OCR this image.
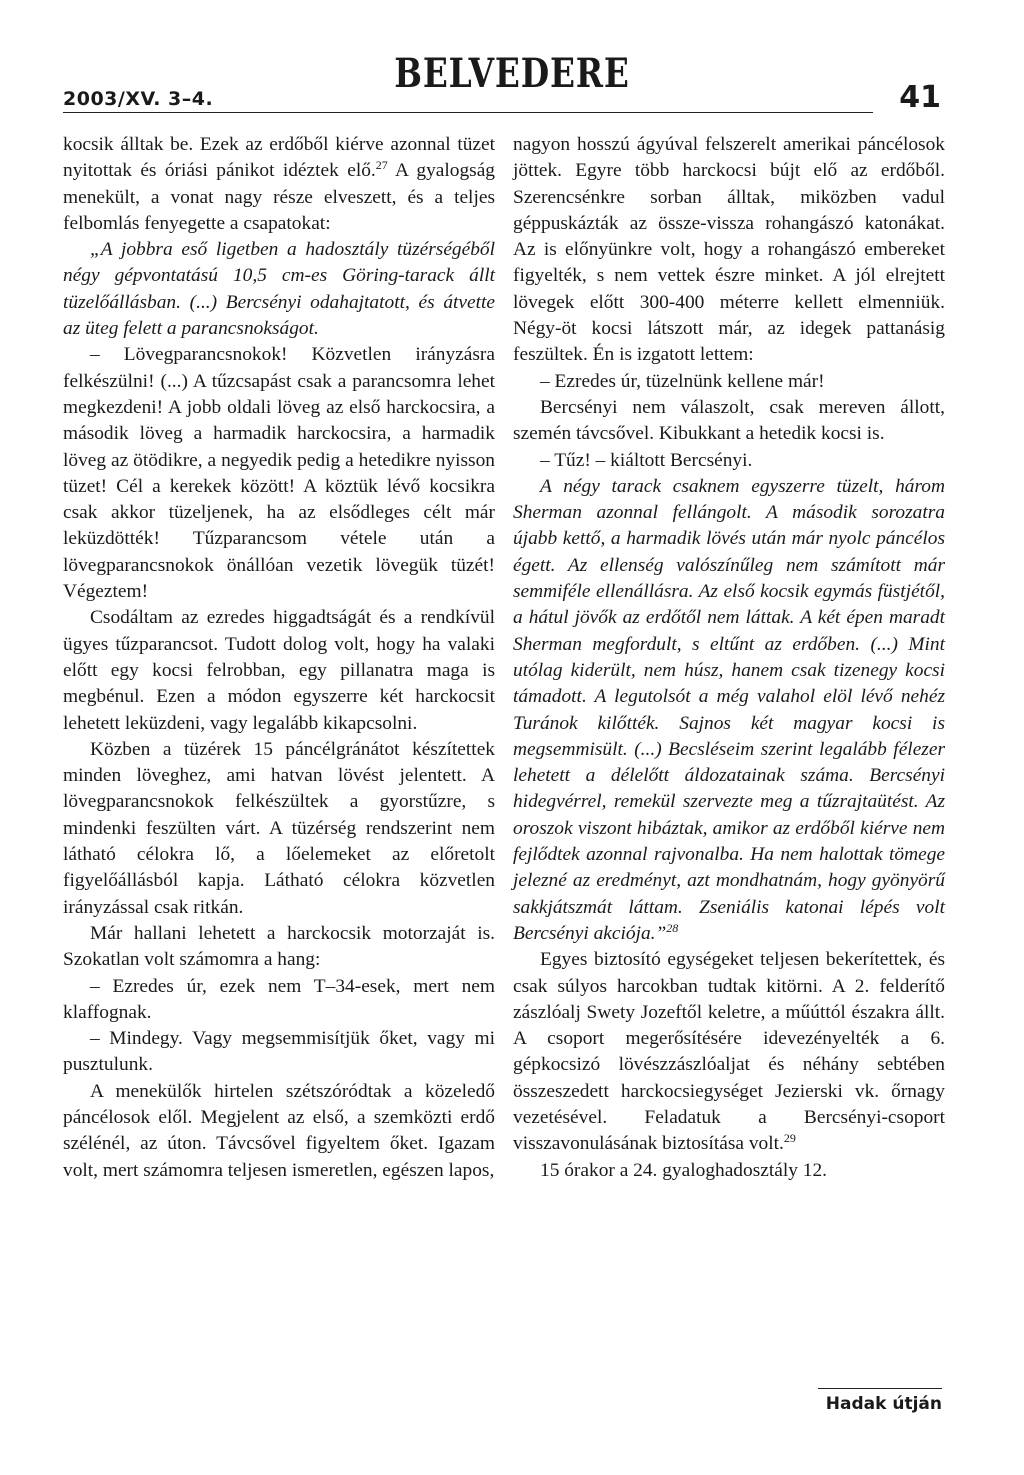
2003/XV. 3–4.
BELVEDERE
41

kocsik álltak be. Ezek az erdőből kiérve azonnal tüzet nyitottak és óriási pánikot idéztek elő.$^{27}$ A gyalogság menekült, a vonat nagy része elveszett, és a teljes felbomlás fenyegette a csapatokat:

„A jobbra eső ligetben a hadosztály tüzérségéből négy gépvontatású 10,5 cm-es Göring-tarack állt tüzelőállásban. (...) Bercsényi odahajtatott, és átvette az üteg felett a parancsnokságot.

– Lövegparancsnokok! Közvetlen irányzásra felkészülni! (...) A tűzcsapást csak a parancsomra lehet megkezdeni! A jobb oldali löveg az első harckocsira, a második löveg a harmadik harckocsira, a harmadik löveg az ötödikre, a negyedik pedig a hetedikre nyisson tüzet! Cél a kerekek között! A köztük lévő kocsikra csak akkor tüzeljenek, ha az elsődleges célt már leküzdötték! Tűzparancsom vétele után a lövegparancsnokok önállóan vezetik lövegük tüzét! Végeztem!

Csodáltam az ezredes higgadtságát és a rendkívül ügyes tűzparancsot. Tudott dolog volt, hogy ha valaki előtt egy kocsi felrobban, egy pillanatra maga is megbénul. Ezen a módon egyszerre két harckocsit lehetett leküzdeni, vagy legalább kikapcsolni.

Közben a tüzérek 15 páncélgránátot készítettek minden löveghez, ami hatvan lövést jelentett. A lövegparancsnokok felkészültek a gyorstűzre, s mindenki feszülten várt. A tüzérség rendszerint nem látható célokra lő, a lőelemeket az előretolt figyelőállásból kapja. Látható célokra közvetlen irányzással csak ritkán.

Már hallani lehetett a harckocsik motorzaját is. Szokatlan volt számomra a hang:

– Ezredes úr, ezek nem T–34-esek, mert nem klaffognak.

– Mindegy. Vagy megsemmisítjük őket, vagy mi pusztulunk.

A menekülők hirtelen szétszóródtak a közeledő páncélosok elől. Megjelent az első, a szemközti erdő szélénél, az úton. Távcsővel figyeltem őket. Igazam volt, mert számomra teljesen ismeretlen, egészen lapos,

nagyon hosszú ágyúval felszerelt amerikai páncélosok jöttek. Egyre több harckocsi bújt elő az erdőből. Szerencsénkre sorban álltak, miközben vadul géppuskázták az össze-vissza rohangászó katonákat. Az is előnyünkre volt, hogy a rohangászó embereket figyelték, s nem vettek észre minket. A jól elrejtett lövegek előtt 300-400 méterre kellett elmenniük. Négy-öt kocsi látszott már, az idegek pattanásig feszültek. Én is izgatott lettem:

– Ezredes úr, tüzelnünk kellene már!

Bercsényi nem válaszolt, csak mereven állott, szemén távcsővel. Kibukkant a hetedik kocsi is.

– Tűz! – kiáltott Bercsényi.

A négy tarack csaknem egyszerre tüzelt, három Sherman azonnal fellángolt. A második sorozatra újabb kettő, a harmadik lövés után már nyolc páncélos égett. Az ellenség valószínűleg nem számított már semmiféle ellenállásra. Az első kocsik egymás füstjétől, a hátul jövők az erdőtől nem láttak. A két épen maradt Sherman megfordult, s eltűnt az erdőben. (...) Mint utólag kiderült, nem húsz, hanem csak tizenegy kocsi támadott. A legutolsót a még valahol elöl lévő nehéz Turánok kilőtték. Sajnos két magyar kocsi is megsemmisült. (...) Becsléseim szerint legalább félezer lehetett a délelőtt áldozatainak száma. Bercsényi hidegvérrel, remekül szervezte meg a tűzrajtaütést. Az oroszok viszont hibáztak, amikor az erdőből kiérve nem fejlődtek azonnal rajvonalba. Ha nem halottak tömege jelezné az eredményt, azt mondhatnám, hogy gyönyörű sakkjátszmát láttam. Zseniális katonai lépés volt Bercsényi akciója.”$^{28}$

Egyes biztosító egységeket teljesen bekerítettek, és csak súlyos harcokban tudtak kitörni. A 2. felderítő zászlóalj Swety Jozeftől keletre, a műúttól északra állt. A csoport megerősítésére idevezényelték a 6. gépkocsizó lövészzászlóaljat és néhány sebtében összeszedett harckocsiegységet Jezierski vk. őrnagy vezetésével. Feladatuk a Bercsényi-csoport visszavonulásának biztosítása volt.$^{29}$

15 órakor a 24. gyaloghadosztály 12.

Hadak útján
